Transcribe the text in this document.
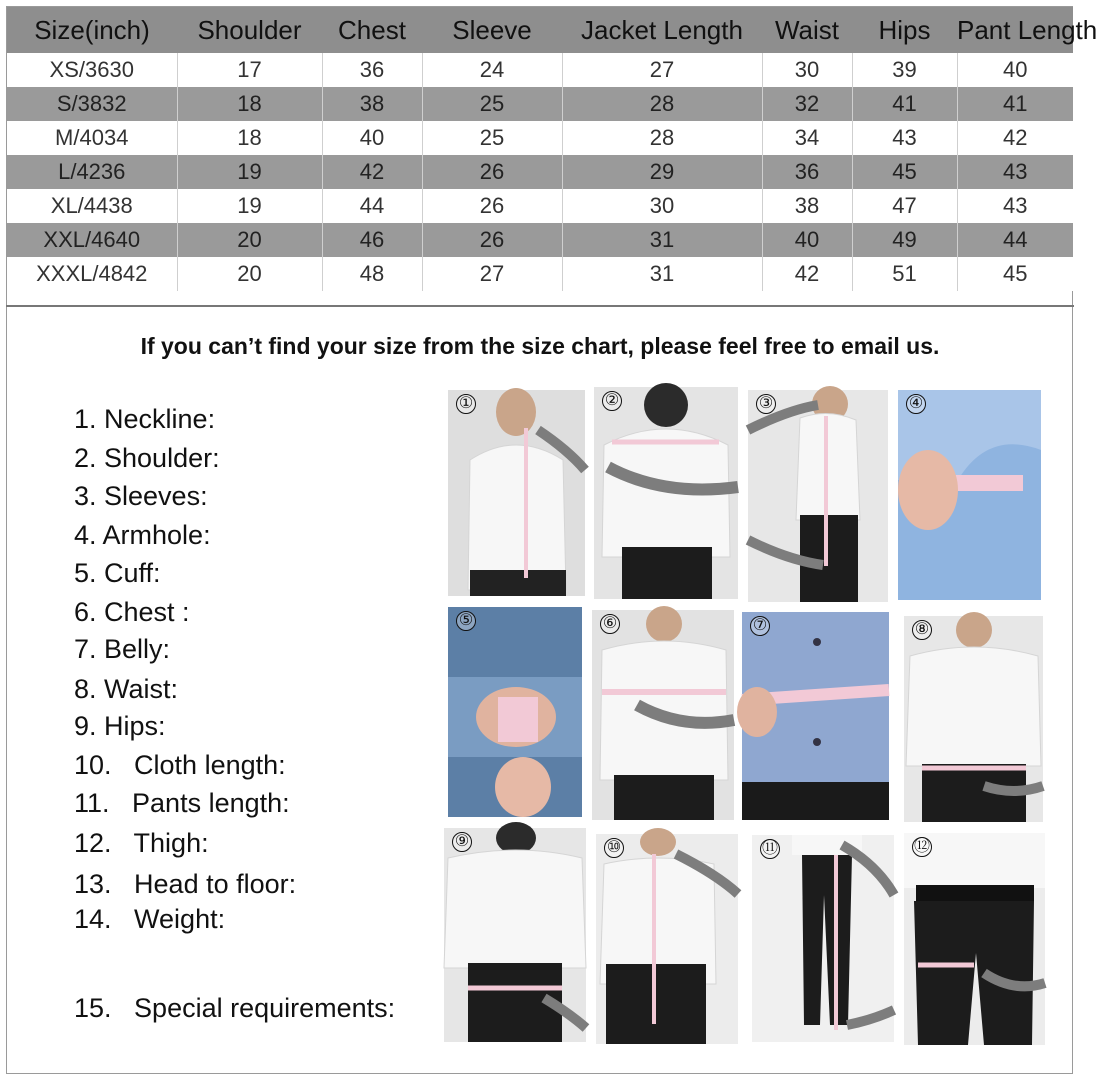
Size(inch)	Shoulder	Chest	Sleeve	Jacket Length	Waist	Hips	Pant Length
XS/3630	17	36	24	27	30	39	40
S/3832	18	38	25	28	32	41	41
M/4034	18	40	25	28	34	43	42
L/4236	19	42	26	29	36	45	43
XL/4438	19	44	26	30	38	47	43
XXL/4640	20	46	26	31	40	49	44
XXXL/4842	20	48	27	31	42	51	45
If you can’t find your size from the size chart, please feel free to email us.
1. Neckline:
2. Shoulder:
3. Sleeves:
4. Armhole:
5. Cuff:
6. Chest :
7. Belly:
8. Waist:
9. Hips:
10.   Cloth length:
11.   Pants length:
12.   Thigh:
13.   Head to floor:
14.   Weight:
15.   Special requirements:
①	②	③	④
⑤	⑥	⑦	⑧
⑨	⑩	⑪	⑫
